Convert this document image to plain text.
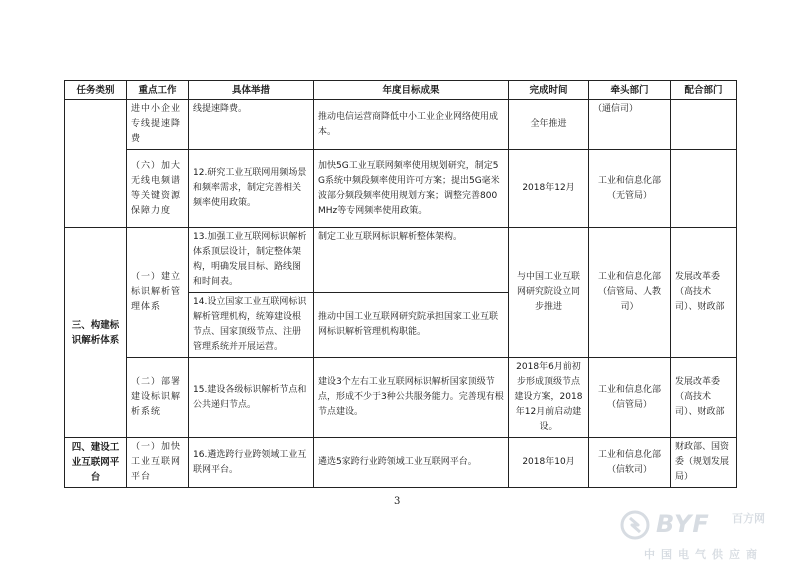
任务类别	重点工作	具体举措	年度目标成果	完成时间	牵头部门	配合部门
	进中小企业专线提速降费	线提速降费。	推动电信运营商降低中小工业企业网络使用成本。	全年推进	（通信司）	
	（六）加大无线电频谱等关键资源保障力度	12.研究工业互联网用频场景和频率需求，制定完善相关频率使用政策。	加快5G工业互联网频率使用规划研究，制定5G系统中频段频率使用许可方案；提出5G毫米波部分频段频率使用规划方案；调整完善800MHz等专网频率使用政策。	2018年12月	工业和信息化部（无管局）	
三、构建标识解析体系	（一）建立标识解析管理体系	13.加强工业互联网标识解析体系顶层设计，制定整体架构，明确发展目标、路线图和时间表。	制定工业互联网标识解析整体架构。	与中国工业互联网研究院设立同步推进	工业和信息化部（信管局、人教司）	发展改革委（高技术司）、财政部
		14.设立国家工业互联网标识解析管理机构，统筹建设根节点、国家顶级节点、注册管理系统并开展运营。	推动中国工业互联网研究院承担国家工业互联网标识解析管理机构职能。			
	（二）部署建设标识解析系统	15.建设各级标识解析节点和公共递归节点。	建设3个左右工业互联网标识解析国家顶级节点，形成不少于3种公共服务能力。完善现有根节点建设。	2018年6月前初步形成顶级节点建设方案，2018年12月前启动建设。	工业和信息化部（信管局）	发展改革委（高技术司）、财政部
四、建设工业互联网平台	（一）加快工业互联网平台	16.遴选跨行业跨领域工业互联网平台。	遴选5家跨行业跨领域工业互联网平台。	2018年10月	工业和信息化部（信软司）	财政部、国资委（规划发展局）
3
BYF 百方网
中国电气供应商
